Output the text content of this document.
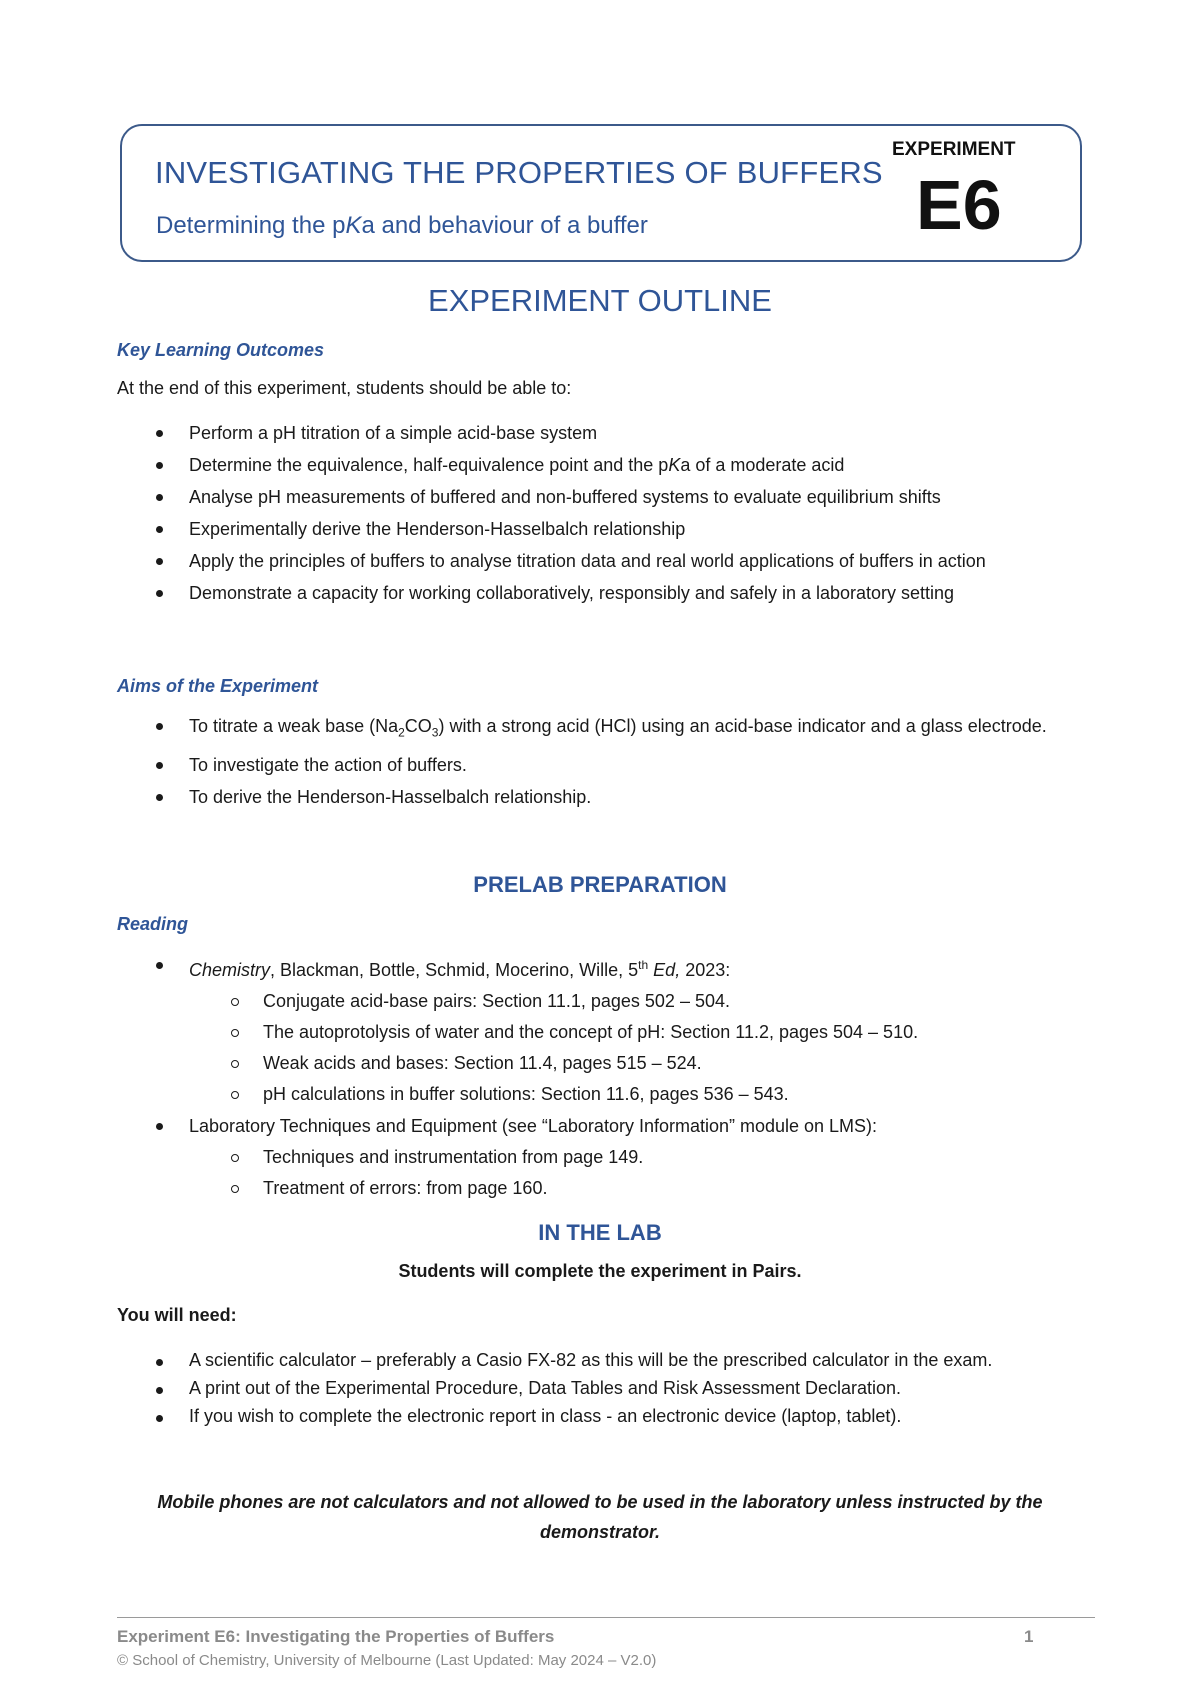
INVESTIGATING THE PROPERTIES OF BUFFERS
Determining the pKa and behaviour of a buffer
EXPERIMENT
E6
EXPERIMENT OUTLINE
Key Learning Outcomes
At the end of this experiment, students should be able to:
Perform a pH titration of a simple acid-base system
Determine the equivalence, half-equivalence point and the pKa of a moderate acid
Analyse pH measurements of buffered and non-buffered systems to evaluate equilibrium shifts
Experimentally derive the Henderson-Hasselbalch relationship
Apply the principles of buffers to analyse titration data and real world applications of buffers in action
Demonstrate a capacity for working collaboratively, responsibly and safely in a laboratory setting
Aims of the Experiment
To titrate a weak base $(Na_2CO_3)$ with a strong acid (HCl) using an acid-base indicator and a glass electrode.
To investigate the action of buffers.
To derive the Henderson-Hasselbalch relationship.
PRELAB PREPARATION
Reading
Chemistry, Blackman, Bottle, Schmid, Mocerino, Wille, 5th Ed, 2023:
Conjugate acid-base pairs: Section 11.1, pages 502 – 504.
The autoprotolysis of water and the concept of pH: Section 11.2, pages 504 – 510.
Weak acids and bases: Section 11.4, pages 515 – 524.
pH calculations in buffer solutions: Section 11.6, pages 536 – 543.
Laboratory Techniques and Equipment (see “Laboratory Information” module on LMS):
Techniques and instrumentation from page 149.
Treatment of errors: from page 160.
IN THE LAB
Students will complete the experiment in Pairs.
You will need:
A scientific calculator – preferably a Casio FX-82 as this will be the prescribed calculator in the exam.
A print out of the Experimental Procedure, Data Tables and Risk Assessment Declaration.
If you wish to complete the electronic report in class - an electronic device (laptop, tablet).
Mobile phones are not calculators and not allowed to be used in the laboratory unless instructed by the demonstrator.
Experiment E6: Investigating the Properties of Buffers	1
© School of Chemistry, University of Melbourne (Last Updated: May 2024 – V2.0)
